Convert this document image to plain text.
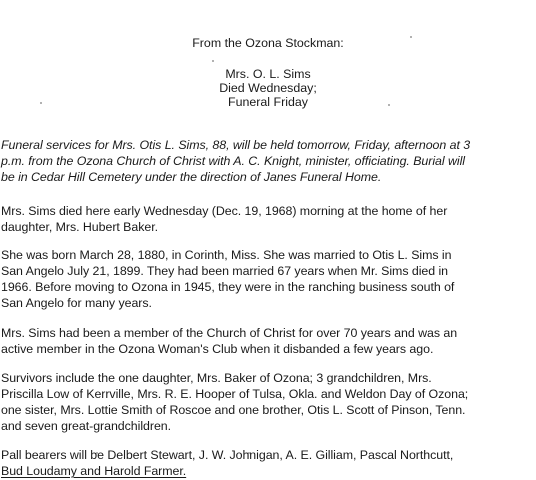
From the Ozona Stockman:
Mrs. O. L. Sims
Died Wednesday;
Funeral Friday
Funeral services for Mrs. Otis L. Sims, 88, will be held tomorrow, Friday, afternoon at 3
p.m. from the Ozona Church of Christ with A. C. Knight, minister, officiating. Burial will
be in Cedar Hill Cemetery under the direction of Janes Funeral Home.
Mrs. Sims died here early Wednesday (Dec. 19, 1968) morning at the home of her
daughter, Mrs. Hubert Baker.
She was born March 28, 1880, in Corinth, Miss. She was married to Otis L. Sims in
San Angelo July 21, 1899. They had been married 67 years when Mr. Sims died in
1966. Before moving to Ozona in 1945, they were in the ranching business south of
San Angelo for many years.
Mrs. Sims had been a member of the Church of Christ for over 70 years and was an
active member in the Ozona Woman's Club when it disbanded a few years ago.
Survivors include the one daughter, Mrs. Baker of Ozona; 3 grandchildren, Mrs.
Priscilla Low of Kerrville, Mrs. R. E. Hooper of Tulsa, Okla. and Weldon Day of Ozona;
one sister, Mrs. Lottie Smith of Roscoe and one brother, Otis L. Scott of Pinson, Tenn.
and seven great-grandchildren.
Pall bearers will be Delbert Stewart, J. W. Johnigan, A. E. Gilliam, Pascal Northcutt,
Bud Loudamy and Harold Farmer.
